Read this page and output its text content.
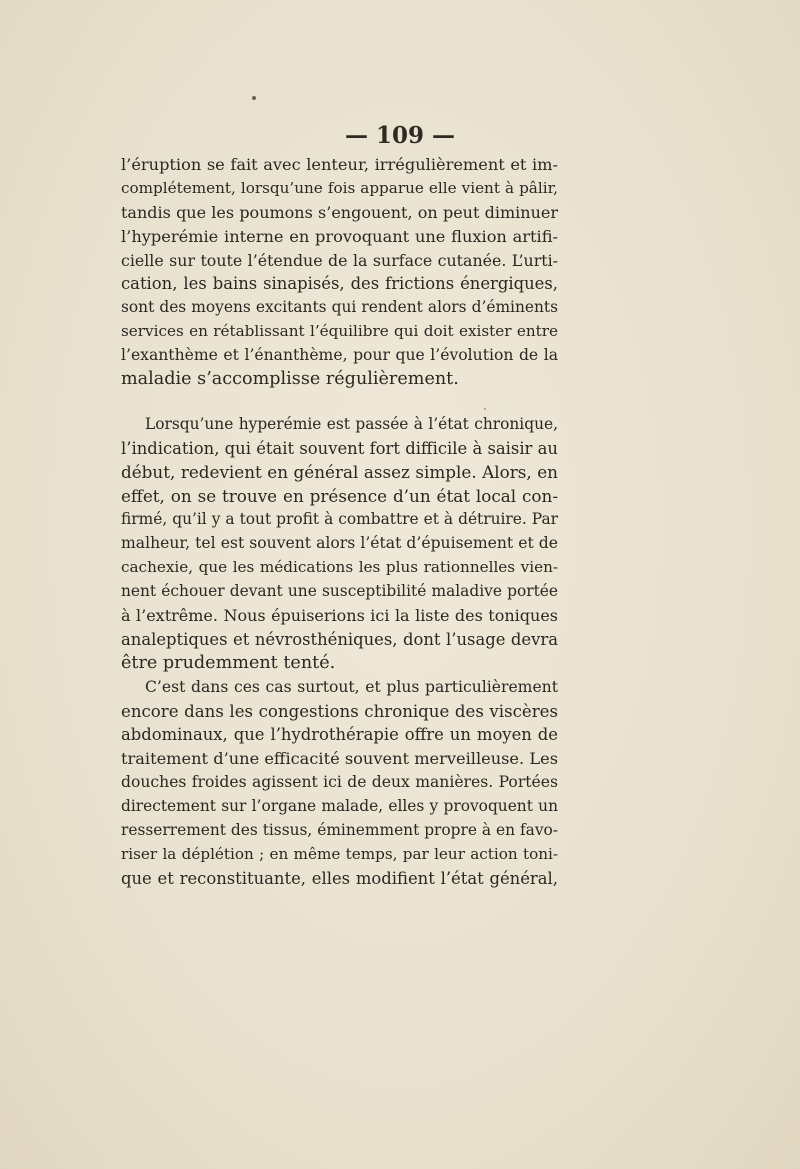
— 109 —
l’éruption se fait avec lenteur, irrégulièrement et im-
complétement, lorsqu’une fois apparue elle vient à pâlir,
tandis que les poumons s’engouent, on peut diminuer
l’hyperémie interne en provoquant une fluxion artifi-
cielle sur toute l’étendue de la surface cutanée. L’urti-
cation, les bains sinapisés, des frictions énergiques,
sont des moyens excitants qui rendent alors d’éminents
services en rétablissant l’équilibre qui doit exister entre
l’exanthème et l’énanthème, pour que l’évolution de la
maladie s’accomplisse régulièrement.
Lorsqu’une hyperémie est passée à l’état chronique,
l’indication, qui était souvent fort difficile à saisir au
début, redevient en général assez simple. Alors, en
effet, on se trouve en présence d’un état local con-
firmé, qu’il y a tout profit à combattre et à détruire. Par
malheur, tel est souvent alors l’état d’épuisement et de
cachexie, que les médications les plus rationnelles vien-
nent échouer devant une susceptibilité maladive portée
à l’extrême. Nous épuiserions ici la liste des toniques
analeptiques et névrosthéniques, dont l’usage devra
être prudemment tenté.
C’est dans ces cas surtout, et plus particulièrement
encore dans les congestions chronique des viscères
abdominaux, que l’hydrothérapie offre un moyen de
traitement d’une efficacité souvent merveilleuse. Les
douches froides agissent ici de deux manières. Portées
directement sur l’organe malade, elles y provoquent un
resserrement des tissus, éminemment propre à en favo-
riser la déplétion ; en même temps, par leur action toni-
que et reconstituante, elles modifient l’état général,
